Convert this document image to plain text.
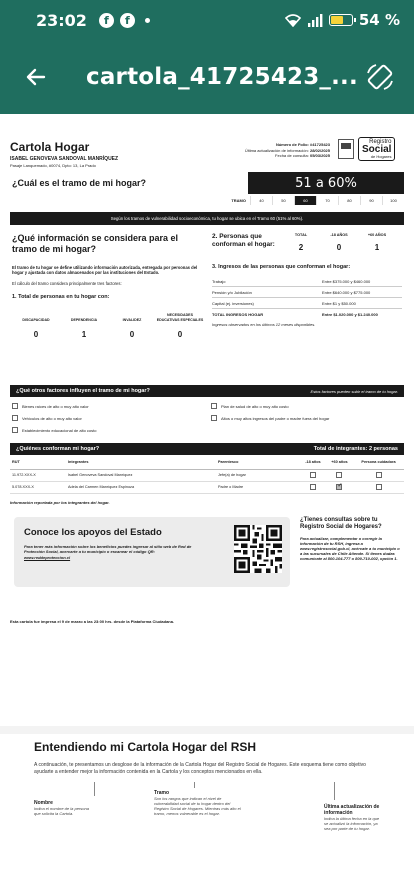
23:02	f	f	54 %
cartola_41725423_...
Cartola Hogar
ISABEL GENOVEVA SANDOVAL MANRÍQUEZ
Pasaje Lanquemado, #0074, Dpto: 13, La Prado
Número de Folio: #41725423
Última actualización de información: 28/02/2025
Fecha de consulta: 05/03/2025
Registro
Social
de Hogares
¿Cuál es el tramo de mi hogar?	51 a 60%
TRAMO	40	50	60	70	80	90	100
Según los tramos de vulnerabilidad socioeconómica, tu hogar se ubica en el Tramo 60 (51% al 60%).
¿Qué información se considera para el tramo de mi hogar?
El tramo de tu hogar se define utilizando información autorizada, entregada por personas del hogar y ajustada con datos almacenados por las instituciones del Estado.
El cálculo del tramo considera principalmente tres factores:
1. Total de personas en tu hogar con:
DISCAPACIDAD
0
DEPENDENCIA
1
INVALIDEZ
0
NECESIDADES EDUCATIVAS ESPECIALES
0
2. Personas que conforman el hogar:
TOTAL
2
-18 AÑOS
0
+60 AÑOS
1
3. Ingresos de las personas que conforman el hogar:
Trabajo	Entre $375.000 y $460.000
Pensión y/o Jubilación	Entre $640.000 y $775.000
Capital (ej. inversiones)	Entre $1 y $50.000
TOTAL INGRESOS HOGAR	Entre $1.020.000 y $1.240.000
Ingresos observados en los últimos 12 meses disponibles.
¿Qué otros factores influyen el tramo de mi hogar?	Estos factores pueden subir el tramo de tu hogar.
Bienes raíces de alto o muy alto valor	Plan de salud de alto o muy alto costo
Vehículos de alto o muy alto valor	Altos o muy altos ingresos del padre o madre fuera del hogar
Establecimiento educacional de alto costo
¿Quiénes conforman mi hogar?	Total de integrantes: 2 personas
RUT	Integrantes	Parentesco	-18 años	+60 años	Persona cuidadora
11.972.XXX-X	Isabel Genoveva Sandoval Manríquez	Jefe(a) de hogar			
5.078.XXX-X	Adela del Carmen Manríquez Espinoza	Padre o Madre		✓	
Información reportada por los integrantes del hogar.
Conoce los apoyos del Estado
Para tener más información sobre los beneficios puedes ingresar al sitio web de Red de Protección Social, acercarte a tu municipio o escanear el código QR:
www.reddeproteccion.cl
¿Tienes consultas sobre tu Registro Social de Hogares?
Para actualizar, complementar o corregir la información de tu RSH, ingresa a www.registrosocial.gob.cl, acércate a tu municipio o a las sucursales de Chile Atiende. Si tienes dudas comunícate al 800-104-777 o 800-710-002, opción 1.
Esta cartola fue impresa el 9 de marzo a las 23:00 hrs. desde la Plataforma Ciudadana.
Entendiendo mi Cartola Hogar del RSH
A continuación, te presentamos un desglose de la información de la Cartola Hogar del Registro Social de Hogares. Este esquema tiene como objetivo ayudarte a entender mejor la información contenida en la Cartola y los conceptos mencionados en ella.
Nombre
Indica el nombre de la persona que solicita la Cartola.
Tramo
Son los rangos que indican el nivel de vulnerabilidad social de tu hogar dentro del Registro Social de Hogares. Mientras más alto el tramo, menos vulnerable es el hogar.
Última actualización de información
Indica la última fecha en la que se actualizó la información, ya sea por parte de tu hogar.
